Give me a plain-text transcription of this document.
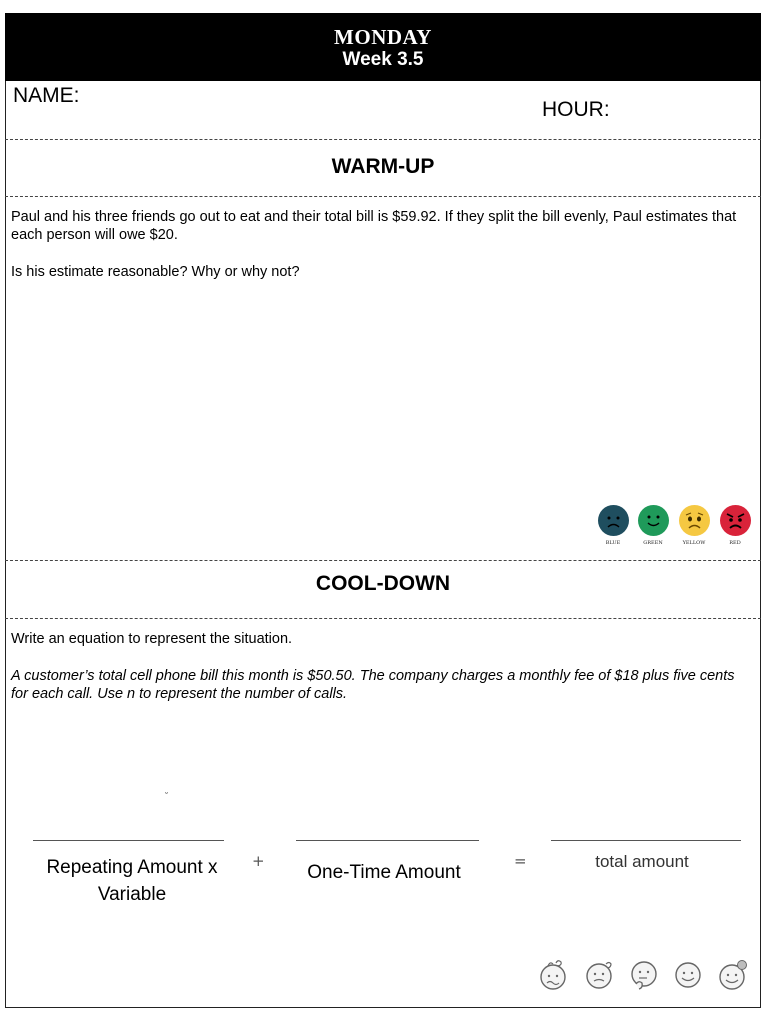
MONDAY
Week 3.5
NAME:
HOUR:
WARM-UP
Paul and his three friends go out to eat and their total bill is $59.92. If they split the bill evenly, Paul estimates that each person will owe $20.
Is his estimate reasonable? Why or why not?
BLUE	GREEN	YELLOW	RED
COOL-DOWN
Write an equation to represent the situation.
A customer’s total cell phone bill this month is $50.50. The company charges a monthly fee of $18 plus five cents for each call. Use n to represent the number of calls.
˘
Repeating Amount x Variable
+
One-Time Amount
=	total amount
